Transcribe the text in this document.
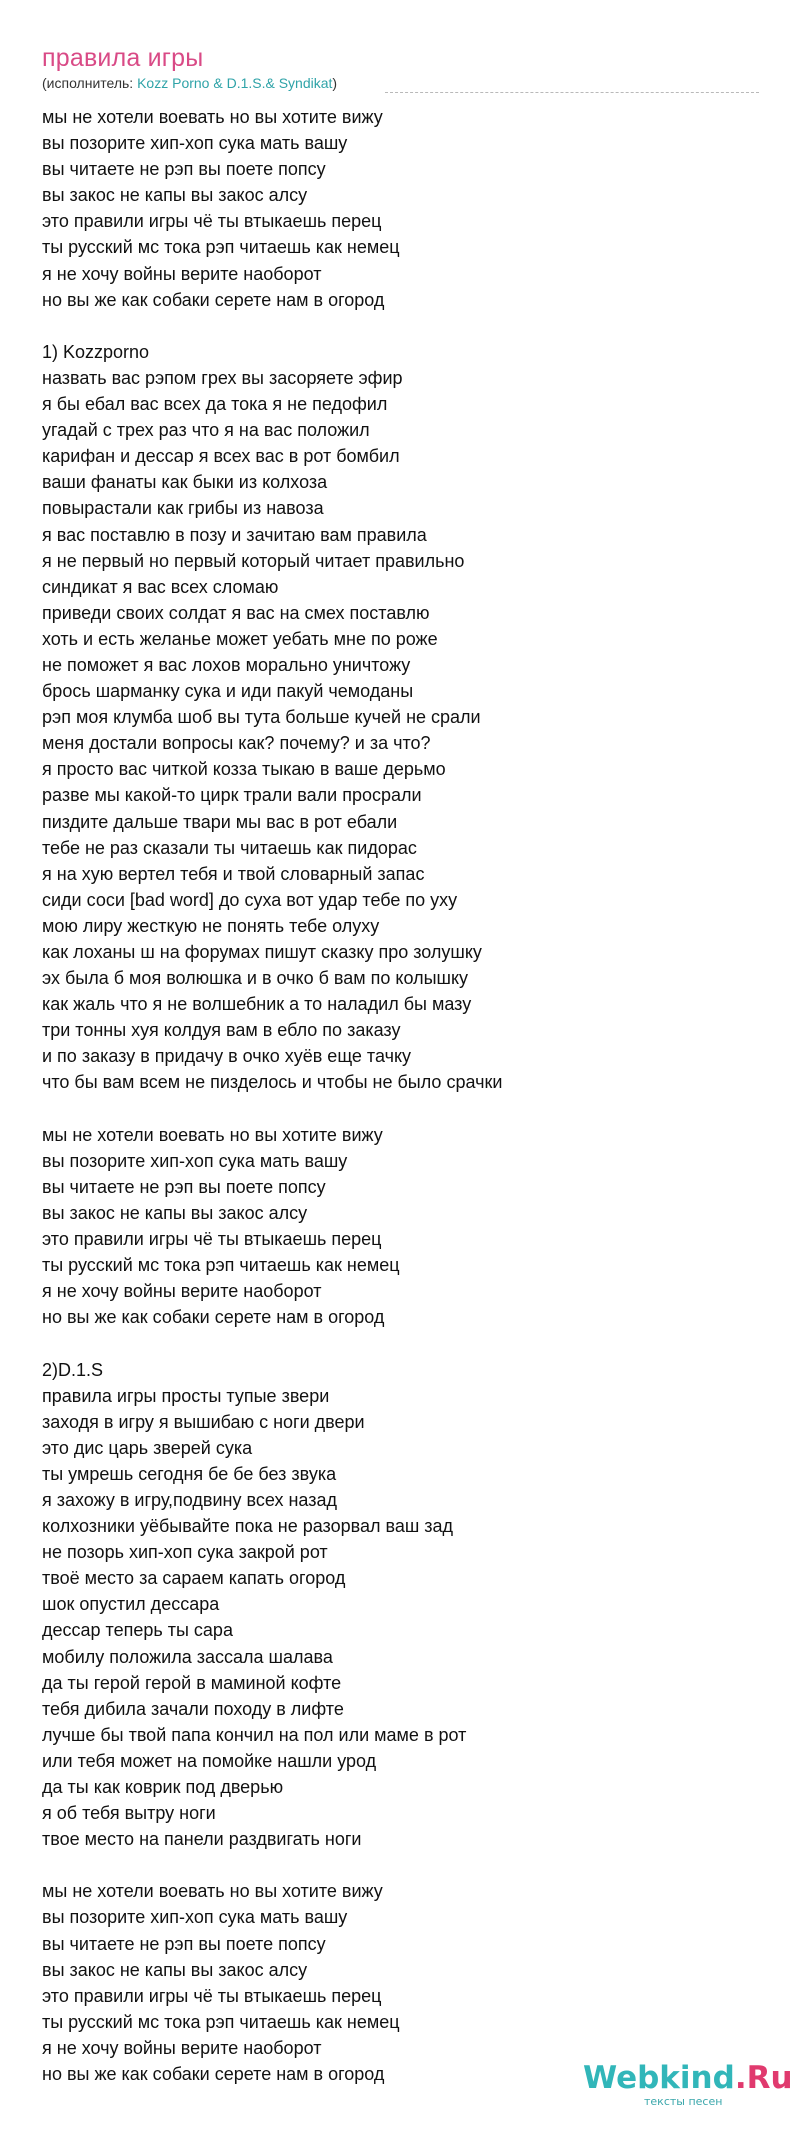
правила игры
(исполнитель: Kozz Porno & D.1.S.& Syndikat)
мы не хотели воевать но вы хотите вижу
вы позорите хип-хоп сука мать вашу
вы читаете не рэп вы поете попсу
вы закос не капы вы закос алсу
это правили игры чё ты втыкаешь перец
ты русский мс тока рэп читаешь как немец
я не хочу войны верите наоборот
но вы же как собаки серете нам в огород
1) Kozzporno
назвать вас рэпом грех вы засоряете эфир
я бы ебал вас всех да тока я не педофил
угадай с трех раз что я на вас положил
карифан и дессар я всех вас в рот бомбил
ваши фанаты как быки из колхоза
повырастали как грибы из навоза
я вас поставлю в позу и зачитаю вам правила
я не первый но первый который читает правильно
синдикат я вас всех сломаю
приведи своих солдат я вас на смех поставлю
хоть и есть желанье может уебать мне по роже
не поможет я вас лохов морально уничтожу
брось шарманку сука и иди пакуй чемоданы
рэп моя клумба шоб вы тута больше кучей не срали
меня достали вопросы как? почему? и за что?
я просто вас читкой козза тыкаю в ваше дерьмо
разве мы какой-то цирк трали вали просрали
пиздите дальше твари мы вас в рот ебали
тебе не раз сказали ты читаешь как пидорас
я на хую вертел тебя и твой словарный запас
сиди соси [bad word] до суха вот удар тебе по уху
мою лиру жесткую не понять тебе олуху
как лоханы ш на форумах пишут сказку про золушку
эх была б моя волюшка и в очко б вам по колышку
как жаль что я не волшебник а то наладил бы мазу
три тонны хуя колдуя вам в ебло по заказу
и по заказу в придачу в очко хуёв еще тачку
что бы вам всем не пизделось и чтобы не было срачки
мы не хотели воевать но вы хотите вижу
вы позорите хип-хоп сука мать вашу
вы читаете не рэп вы поете попсу
вы закос не капы вы закос алсу
это правили игры чё ты втыкаешь перец
ты русский мс тока рэп читаешь как немец
я не хочу войны верите наоборот
но вы же как собаки серете нам в огород
2)D.1.S
правила игры просты тупые звери
заходя в игру я вышибаю с ноги двери
это дис царь зверей сука
ты умрешь сегодня бе бе без звука
я захожу в игру,подвину всех назад
колхозники уёбывайте пока не разорвал ваш зад
не позорь хип-хоп сука закрой рот
твоё место за сараем капать огород
шок опустил дессара
дессар теперь ты сара
мобилу положила зассала шалава
да ты герой герой в маминой кофте
тебя дибила зачали походу в лифте
лучше бы твой папа кончил на пол или маме в рот
или тебя может на помойке нашли урод
да ты как коврик под дверью
я об тебя вытру ноги
твое место на панели раздвигать ноги
мы не хотели воевать но вы хотите вижу
вы позорите хип-хоп сука мать вашу
вы читаете не рэп вы поете попсу
вы закос не капы вы закос алсу
это правили игры чё ты втыкаешь перец
ты русский мс тока рэп читаешь как немец
я не хочу войны верите наоборот
но вы же как собаки серете нам в огород	Webkind.Ru
тексты песен
